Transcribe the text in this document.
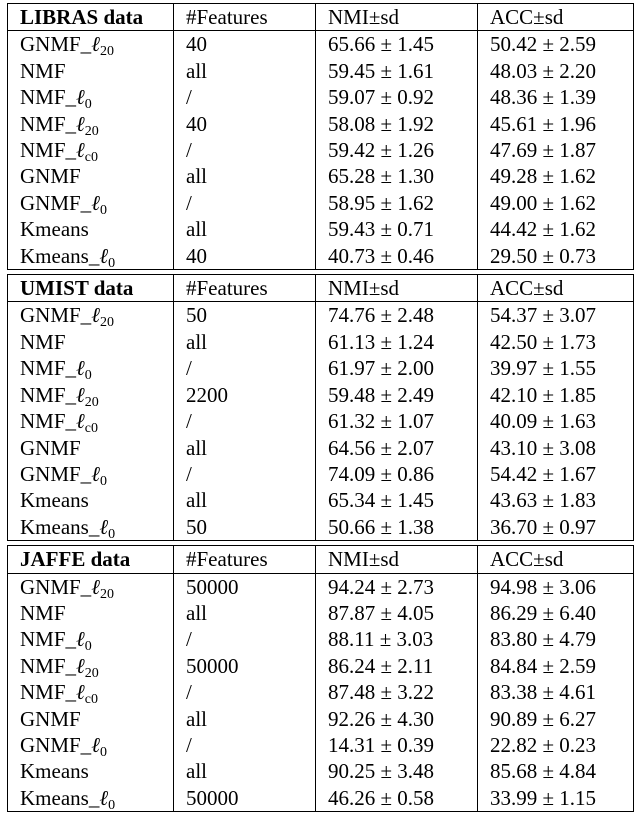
LIBRAS data	#Features	NMI±sd	ACC±sd
GNMF_ℓ$_{20}$	40	65.66 ± 1.45	50.42 ± 2.59
NMF	all	59.45 ± 1.61	48.03 ± 2.20
NMF_ℓ$_0$	/	59.07 ± 0.92	48.36 ± 1.39
NMF_ℓ$_{20}$	40	58.08 ± 1.92	45.61 ± 1.96
NMF_ℓ$_{c0}$	/	59.42 ± 1.26	47.69 ± 1.87
GNMF	all	65.28 ± 1.30	49.28 ± 1.62
GNMF_ℓ$_0$	/	58.95 ± 1.62	49.00 ± 1.62
Kmeans	all	59.43 ± 0.71	44.42 ± 1.62
Kmeans_ℓ$_0$	40	40.73 ± 0.46	29.50 ± 0.73

UMIST data	#Features	NMI±sd	ACC±sd
GNMF_ℓ$_{20}$	50	74.76 ± 2.48	54.37 ± 3.07
NMF	all	61.13 ± 1.24	42.50 ± 1.73
NMF_ℓ$_0$	/	61.97 ± 2.00	39.97 ± 1.55
NMF_ℓ$_{20}$	2200	59.48 ± 2.49	42.10 ± 1.85
NMF_ℓ$_{c0}$	/	61.32 ± 1.07	40.09 ± 1.63
GNMF	all	64.56 ± 2.07	43.10 ± 3.08
GNMF_ℓ$_0$	/	74.09 ± 0.86	54.42 ± 1.67
Kmeans	all	65.34 ± 1.45	43.63 ± 1.83
Kmeans_ℓ$_0$	50	50.66 ± 1.38	36.70 ± 0.97

JAFFE data	#Features	NMI±sd	ACC±sd
GNMF_ℓ$_{20}$	50000	94.24 ± 2.73	94.98 ± 3.06
NMF	all	87.87 ± 4.05	86.29 ± 6.40
NMF_ℓ$_0$	/	88.11 ± 3.03	83.80 ± 4.79
NMF_ℓ$_{20}$	50000	86.24 ± 2.11	84.84 ± 2.59
NMF_ℓ$_{c0}$	/	87.48 ± 3.22	83.38 ± 4.61
GNMF	all	92.26 ± 4.30	90.89 ± 6.27
GNMF_ℓ$_0$	/	14.31 ± 0.39	22.82 ± 0.23
Kmeans	all	90.25 ± 3.48	85.68 ± 4.84
Kmeans_ℓ$_0$	50000	46.26 ± 0.58	33.99 ± 1.15
